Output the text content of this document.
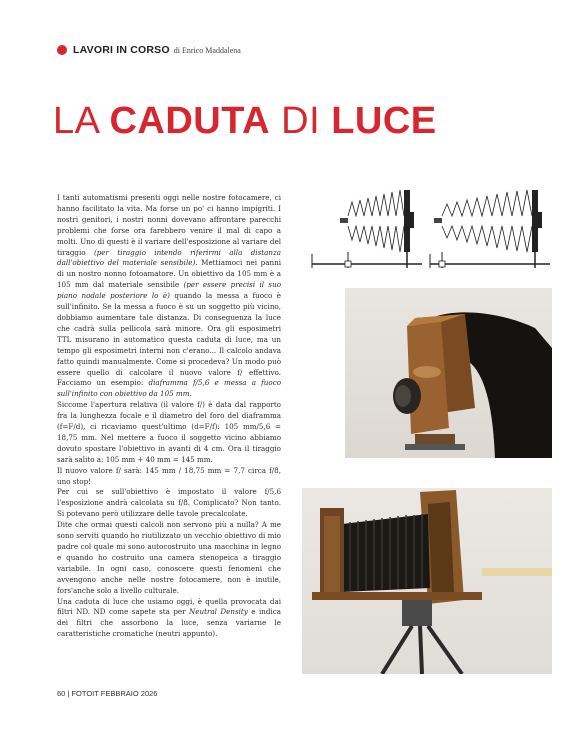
LAVORI IN CORSO di Enrico Maddalena
LA CADUTA DI LUCE

I tanti automatismi presenti oggi nelle nostre fotocamere, ci hanno facilitato la vita. Ma forse un po' ci hanno impigriti. I nostri genitori, i nostri nonni dovevano affrontare parecchi problemi che forse ora farebbero venire il mal di capo a molti. Uno di questi è il variare dell'esposizione al variare del tiraggio (per tiraggio intendo riferirmi alla distanza dall'obiettivo del materiale sensibile). Mettiamoci nei panni di un nostro nonno fotoamatore. Un obiettivo da 105 mm è a 105 mm dal materiale sensibile (per essere precisi il suo piano nodale posteriore lo è) quando la messa a fuoco è sull'infinito. Se la messa a fuoco è su un soggetto più vicino, dobbiamo aumentare tale distanza. Di conseguenza la luce che cadrà sulla pellicola sarà minore. Ora gli esposimetri TTL misurano in automatico questa caduta di luce, ma un tempo gli esposimetri interni non c'erano... Il calcolo andava fatto quindi manualmente. Come si procedeva? Un modo può essere quello di calcolare il nuovo valore f/ effettivo. Facciamo un esempio: diaframma f/5,6 e messa a fuoco sull'infinito con obiettivo da 105 mm.

Siccome l'apertura relativa (il valore f/) è data dal rapporto fra la lunghezza focale e il diametro del foro del diaframma (f=F/d), ci ricaviamo quest'ultimo (d=F/f): 105 mm/5,6 = 18,75 mm. Nel mettere a fuoco il soggetto vicino abbiamo dovuto spostare l'obiettivo in avanti di 4 cm. Ora il tiraggio sarà salito a: 105 mm + 40 mm = 145 mm.

Il nuovo valore f/ sarà: 145 mm / 18,75 mm = 7,7 circa f/8, uno stop!

Per cui se sull'obiettivo è impostato il valore f/5,6 l'esposizione andrà calcolata su f/8. Complicato? Non tanto. Si potevano però utilizzare delle tavole precalcolate.

Dite che ormai questi calcoli non servono più a nulla? A me sono serviti quando ho riutilizzato un vecchio obiettivo di mio padre col quale mi sono autocostruito una macchina in legno e quando ho costruito una camera stenopeica a tiraggio variabile. In ogni caso, conoscere questi fenomeni che avvengono anche nelle nostre fotocamere, non è inutile, fors'anche solo a livello culturale.

Una caduta di luce che usiamo oggi, è quella provocata dai filtri ND. ND come sapete sta per Neutral Density e indica dei filtri che assorbono la luce, senza variarne le caratteristiche cromatiche (neutri appunto).

60 | FOTOIT FEBBRAIO 2026
